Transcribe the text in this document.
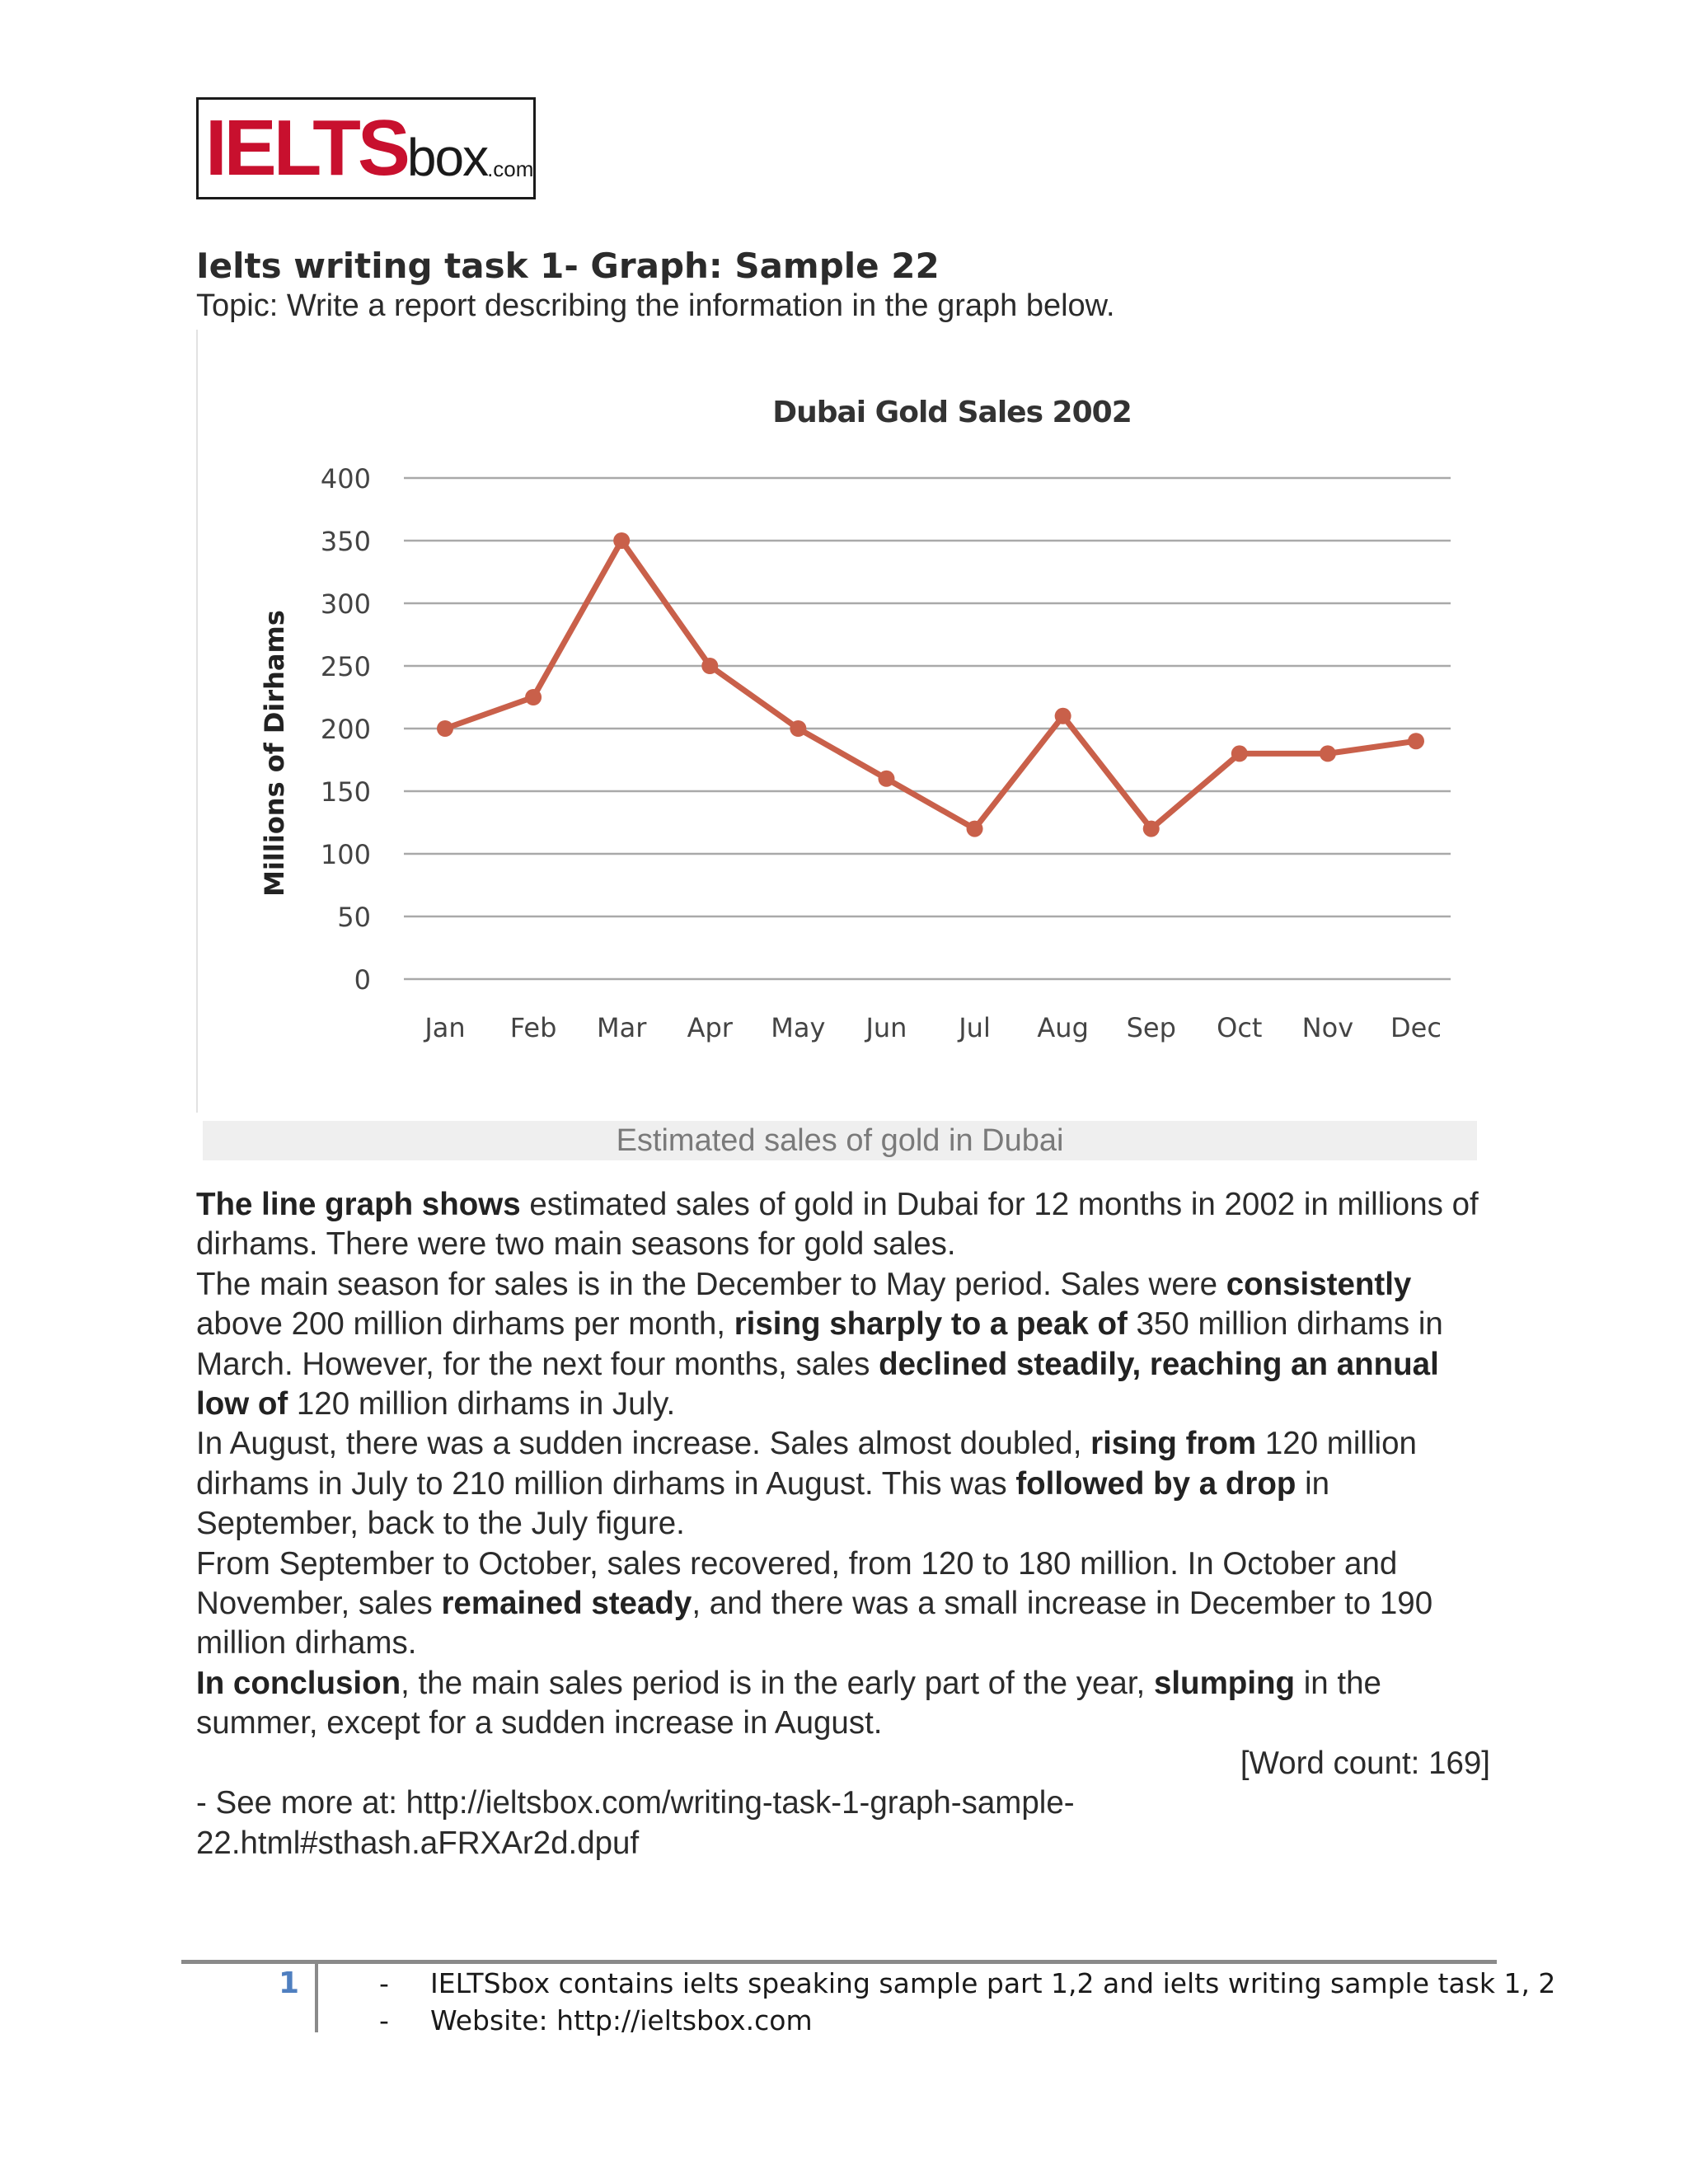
IELTS box .com
Ielts writing task 1- Graph: Sample 22
Topic: Write a report describing the information in the graph below.
Dubai Gold Sales 2002
Millions of Dirhams
0
50
100
150
200
250
300
350
400
Jan Feb Mar Apr May Jun Jul Aug Sep Oct Nov Dec
Estimated sales of gold in Dubai

The line graph shows estimated sales of gold in Dubai for 12 months in 2002 in millions of dirhams. There were two main seasons for gold sales.

The main season for sales is in the December to May period. Sales were consistently above 200 million dirhams per month, rising sharply to a peak of 350 million dirhams in March. However, for the next four months, sales declined steadily, reaching an annual low of 120 million dirhams in July.

In August, there was a sudden increase. Sales almost doubled, rising from 120 million dirhams in July to 210 million dirhams in August. This was followed by a drop in September, back to the July figure.

From September to October, sales recovered, from 120 to 180 million. In October and November, sales remained steady, and there was a small increase in December to 190 million dirhams.

In conclusion, the main sales period is in the early part of the year, slumping in the summer, except for a sudden increase in August.

[Word count: 169]

- See more at: http://ieltsbox.com/writing-task-1-graph-sample-

22.html#sthash.aFRXAr2d.dpuf

1	- IELTSbox contains ielts speaking sample part 1,2 and ielts writing sample task 1, 2
- Website: http://ieltsbox.com
